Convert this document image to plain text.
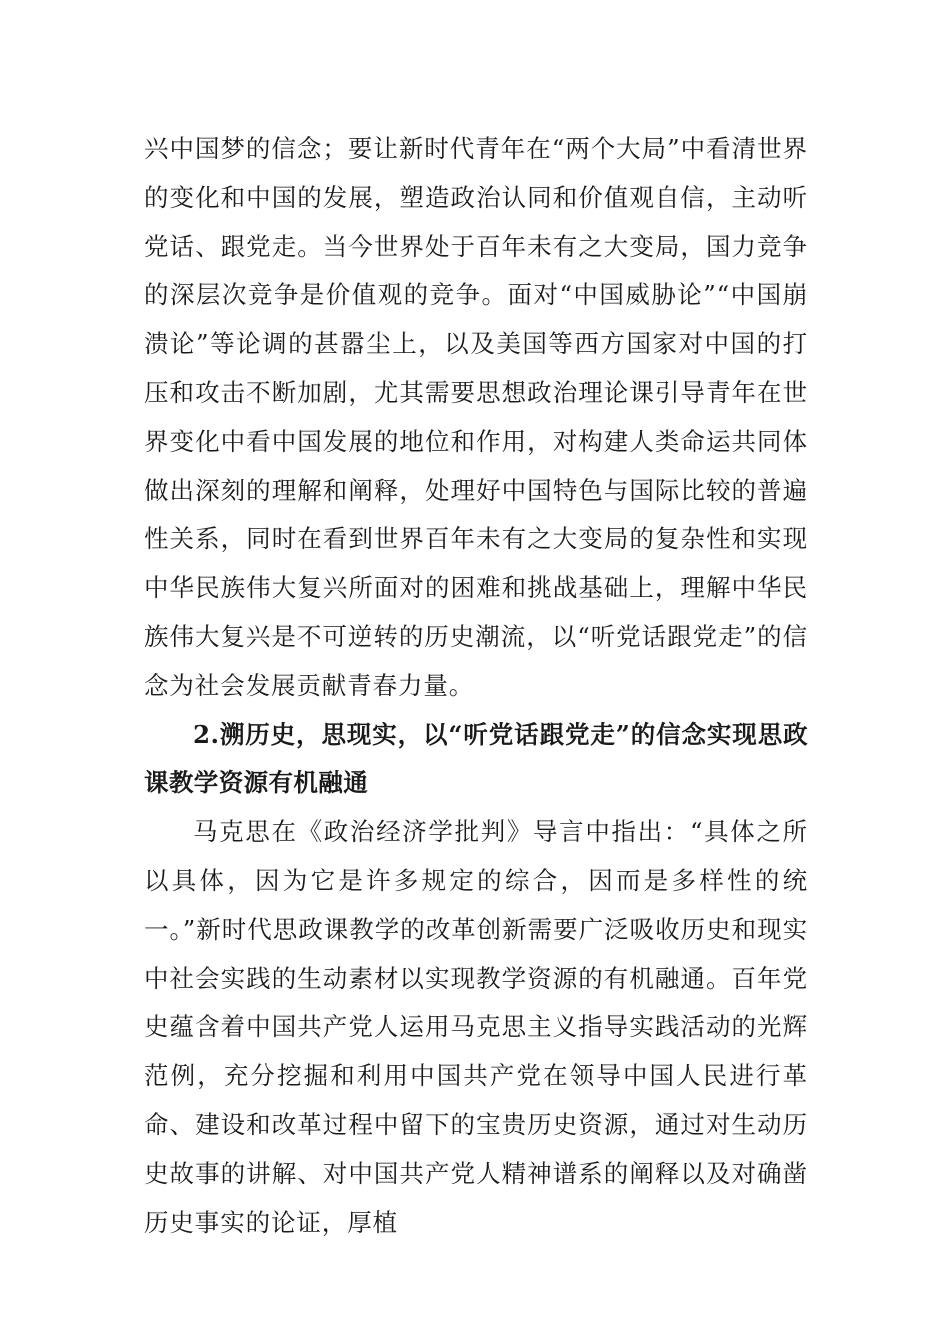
兴中国梦的信念；要让新时代青年在“两个大局”中看清世界的变化和中国的发展，塑造政治认同和价值观自信，主动听党话、跟党走。当今世界处于百年未有之大变局，国力竞争的深层次竞争是价值观的竞争。面对“中国威胁论”“中国崩溃论”等论调的甚嚣尘上，以及美国等西方国家对中国的打压和攻击不断加剧，尤其需要思想政治理论课引导青年在世界变化中看中国发展的地位和作用，对构建人类命运共同体做出深刻的理解和阐释，处理好中国特色与国际比较的普遍性关系，同时在看到世界百年未有之大变局的复杂性和实现中华民族伟大复兴所面对的困难和挑战基础上，理解中华民族伟大复兴是不可逆转的历史潮流，以“听党话跟党走”的信念为社会发展贡献青春力量。

2.溯历史，思现实，以“听党话跟党走”的信念实现思政课教学资源有机融通

马克思在《政治经济学批判》导言中指出：“具体之所以具体，因为它是许多规定的综合，因而是多样性的统一。”新时代思政课教学的改革创新需要广泛吸收历史和现实中社会实践的生动素材以实现教学资源的有机融通。百年党史蕴含着中国共产党人运用马克思主义指导实践活动的光辉范例，充分挖掘和利用中国共产党在领导中国人民进行革命、建设和改革过程中留下的宝贵历史资源，通过对生动历史故事的讲解、对中国共产党人精神谱系的阐释以及对确凿历史事实的论证，厚植
